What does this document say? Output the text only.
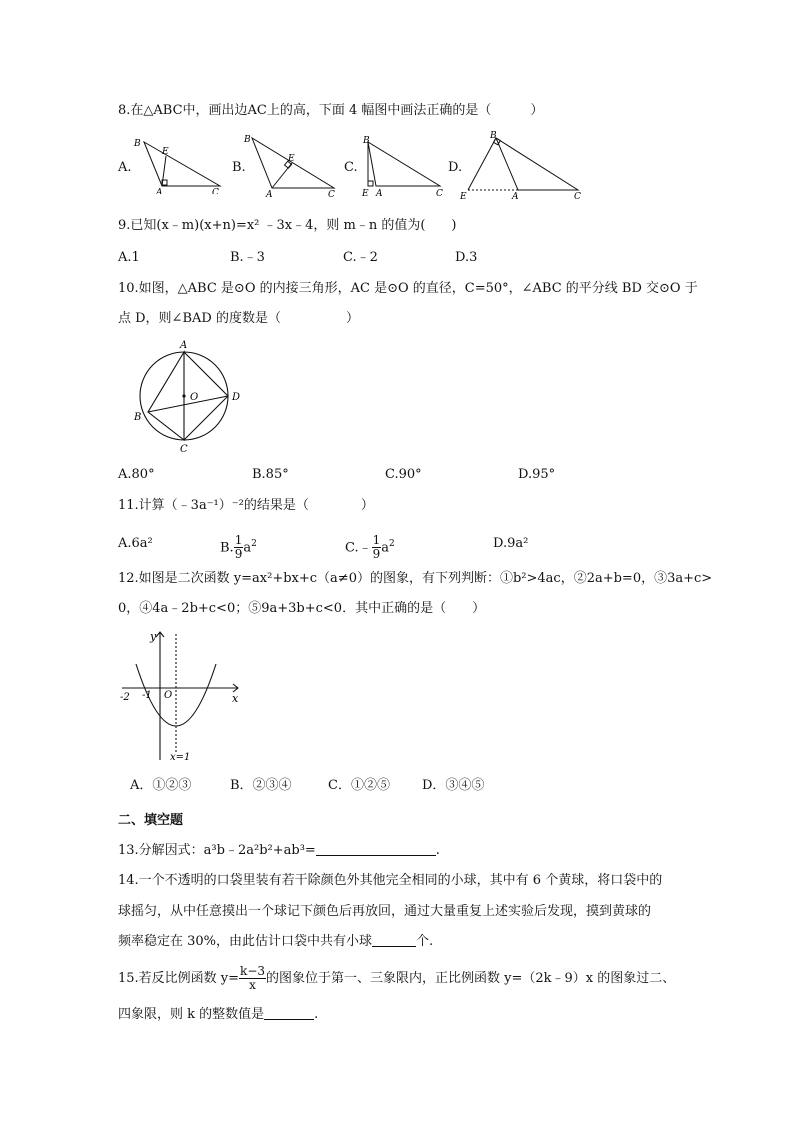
8.在△ABC中，画出边AC上的高，下面 4 幅图中画法正确的是（　　　）
A.
B
E
A	C
B.
B
E
A	C
C.
B
E A	C
D.
B
E	A	C
9.已知(x﹣m)(x+n)=x² ﹣3x﹣4，则 m﹣n 的值为(　　)
A.1	B.﹣3	C.﹣2	D.3
10.如图，△ABC 是⊙O 的内接三角形，AC 是⊙O 的直径，C=50°，∠ABC 的平分线 BD 交⊙O 于
点 D，则∠BAD 的度数是（　　　　　）
A
O	D
B
C
A.80°	B.85°	C.90°	D.95°
11.计算（﹣3a⁻¹）⁻²的结果是（　　　　）
A.6a²	B. $\frac{1}{9} a^2$	C.﹣ $\frac{1}{9} a^2$	D.9a²
12.如图是二次函数 y=ax²+bx+c（a≠0）的图象，有下列判断：①b²>4ac，②2a+b=0，③3a+c>
0，④4a﹣2b+c<0；⑤9a+3b+c<0．其中正确的是（　　）
y
x
-2 -1 O
x=1
A．①②③	B．②③④	C．①②⑤ D．③④⑤
二、填空题
13.分解因式：a³b﹣2a²b²+ab³=	.
14.一个不透明的口袋里装有若干除颜色外其他完全相同的小球，其中有 6 个黄球，将口袋中的
球摇匀，从中任意摸出一个球记下颜色后再放回，通过大量重复上述实验后发现，摸到黄球的
频率稳定在 30%，由此估计口袋中共有小球	个.
15.若反比例函数 $y= \frac{k-3}{x}$ 的图象位于第一、三象限内，正比例函数 y=（2k﹣9）x 的图象过二、
四象限，则 k 的整数值是	.
